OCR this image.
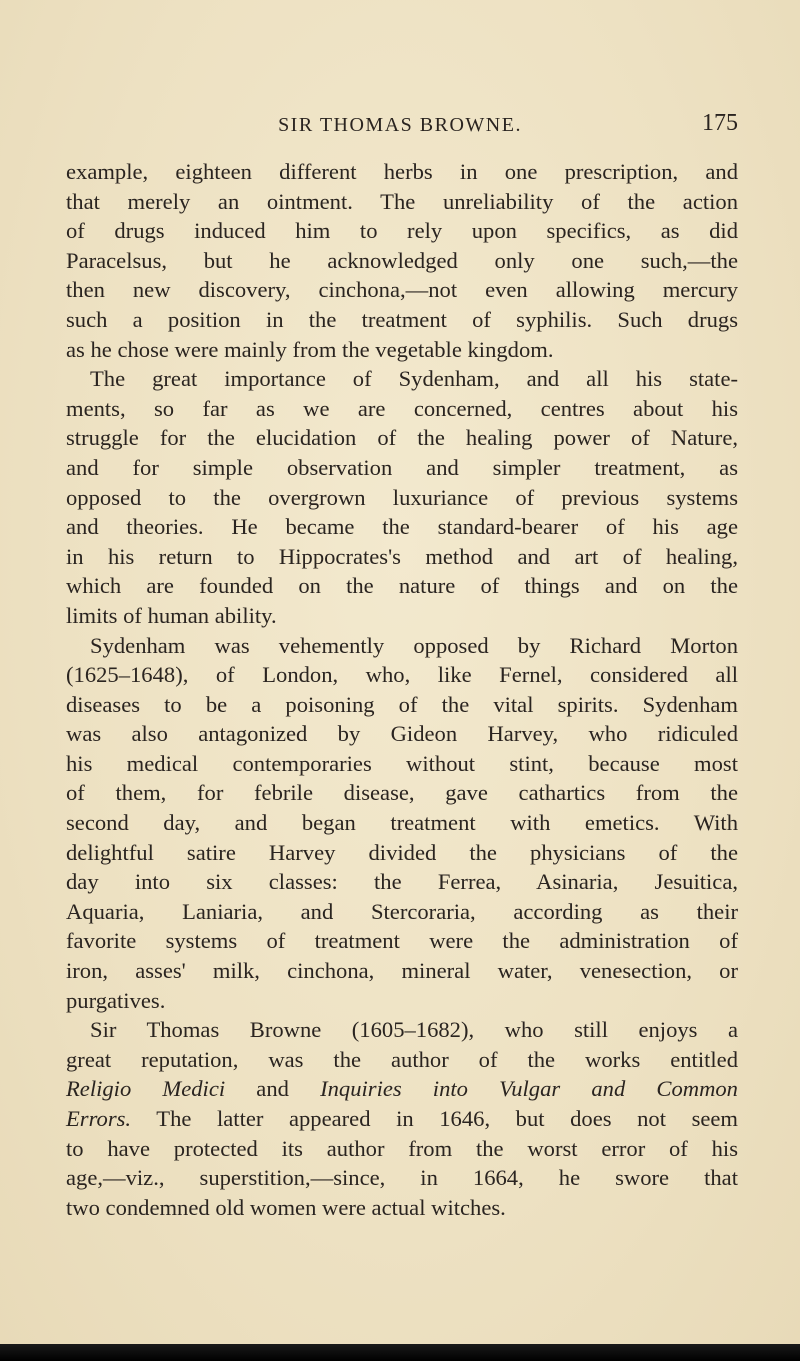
SIR THOMAS BROWNE.	175
example, eighteen different herbs in one prescription, and
that merely an ointment. The unreliability of the action
of drugs induced him to rely upon specifics, as did
Paracelsus, but he acknowledged only one such,—the
then new discovery, cinchona,—not even allowing mercury
such a position in the treatment of syphilis. Such drugs
as he chose were mainly from the vegetable kingdom.
The great importance of Sydenham, and all his state-
ments, so far as we are concerned, centres about his
struggle for the elucidation of the healing power of Nature,
and for simple observation and simpler treatment, as
opposed to the overgrown luxuriance of previous systems
and theories. He became the standard-bearer of his age
in his return to Hippocrates's method and art of healing,
which are founded on the nature of things and on the
limits of human ability.
Sydenham was vehemently opposed by Richard Morton
(1625–1648), of London, who, like Fernel, considered all
diseases to be a poisoning of the vital spirits. Sydenham
was also antagonized by Gideon Harvey, who ridiculed
his medical contemporaries without stint, because most
of them, for febrile disease, gave cathartics from the
second day, and began treatment with emetics. With
delightful satire Harvey divided the physicians of the
day into six classes: the Ferrea, Asinaria, Jesuitica,
Aquaria, Laniaria, and Stercoraria, according as their
favorite systems of treatment were the administration of
iron, asses' milk, cinchona, mineral water, venesection, or
purgatives.
Sir Thomas Browne (1605–1682), who still enjoys a
great reputation, was the author of the works entitled
Religio Medici and Inquiries into Vulgar and Common
Errors. The latter appeared in 1646, but does not seem
to have protected its author from the worst error of his
age,—viz., superstition,—since, in 1664, he swore that
two condemned old women were actual witches.
